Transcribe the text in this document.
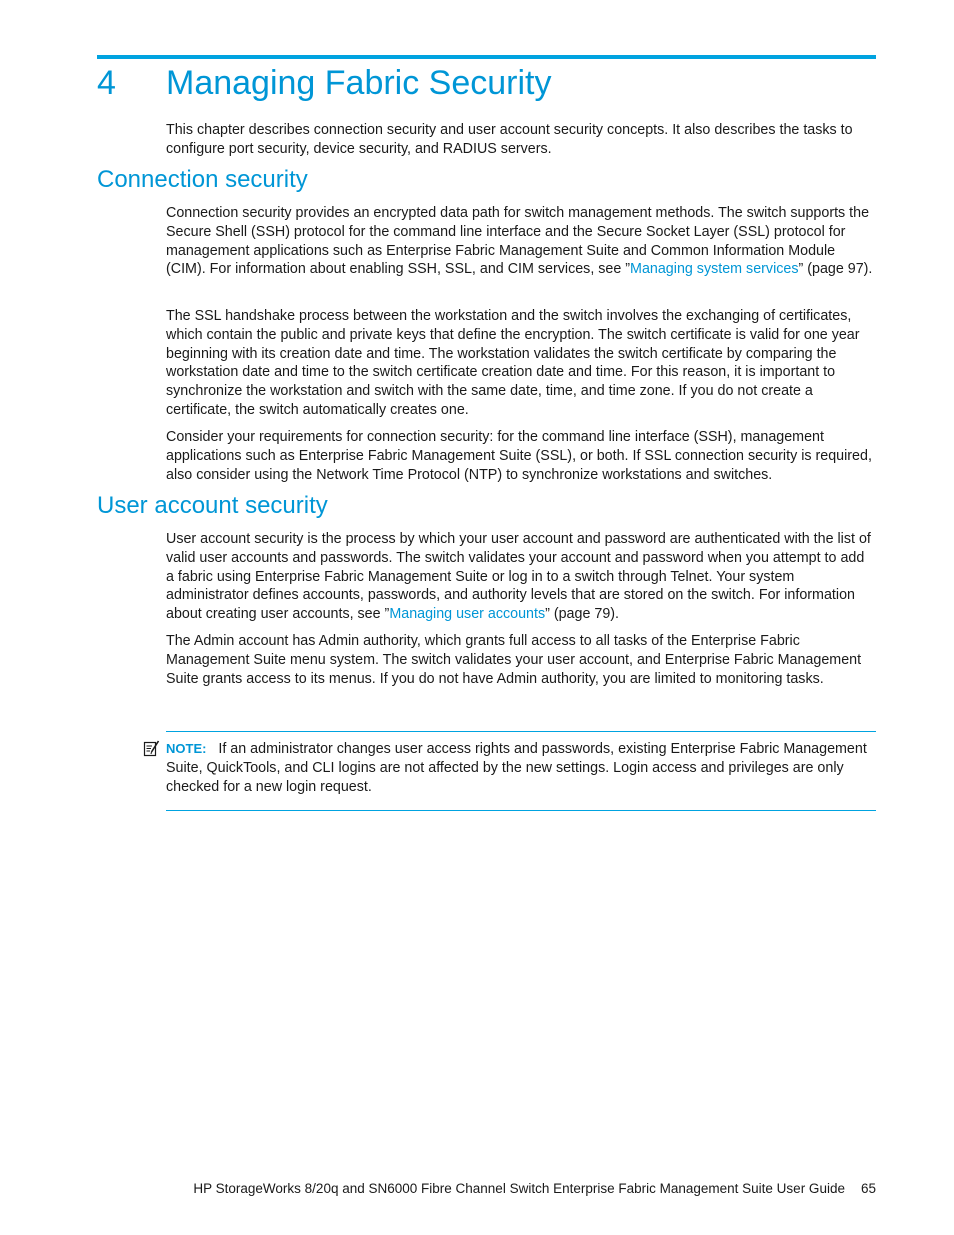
4 Managing Fabric Security

This chapter describes connection security and user account security concepts. It also describes the tasks to configure port security, device security, and RADIUS servers.

Connection security

Connection security provides an encrypted data path for switch management methods. The switch supports the Secure Shell (SSH) protocol for the command line interface and the Secure Socket Layer (SSL) protocol for management applications such as Enterprise Fabric Management Suite and Common Information Module (CIM). For information about enabling SSH, SSL, and CIM services, see ”Managing system services” (page 97).

The SSL handshake process between the workstation and the switch involves the exchanging of certificates, which contain the public and private keys that define the encryption. The switch certificate is valid for one year beginning with its creation date and time. The workstation validates the switch certificate by comparing the workstation date and time to the switch certificate creation date and time. For this reason, it is important to synchronize the workstation and switch with the same date, time, and time zone. If you do not create a certificate, the switch automatically creates one.

Consider your requirements for connection security: for the command line interface (SSH), management applications such as Enterprise Fabric Management Suite (SSL), or both. If SSL connection security is required, also consider using the Network Time Protocol (NTP) to synchronize workstations and switches.

User account security

User account security is the process by which your user account and password are authenticated with the list of valid user accounts and passwords. The switch validates your account and password when you attempt to add a fabric using Enterprise Fabric Management Suite or log in to a switch through Telnet. Your system administrator defines accounts, passwords, and authority levels that are stored on the switch. For information about creating user accounts, see ”Managing user accounts” (page 79).

The Admin account has Admin authority, which grants full access to all tasks of the Enterprise Fabric Management Suite menu system. The switch validates your user account, and Enterprise Fabric Management Suite grants access to its menus. If you do not have Admin authority, you are limited to monitoring tasks.

NOTE: If an administrator changes user access rights and passwords, existing Enterprise Fabric Management Suite, QuickTools, and CLI logins are not affected by the new settings. Login access and privileges are only checked for a new login request.

HP StorageWorks 8/20q and SN6000 Fibre Channel Switch Enterprise Fabric Management Suite User Guide 65
